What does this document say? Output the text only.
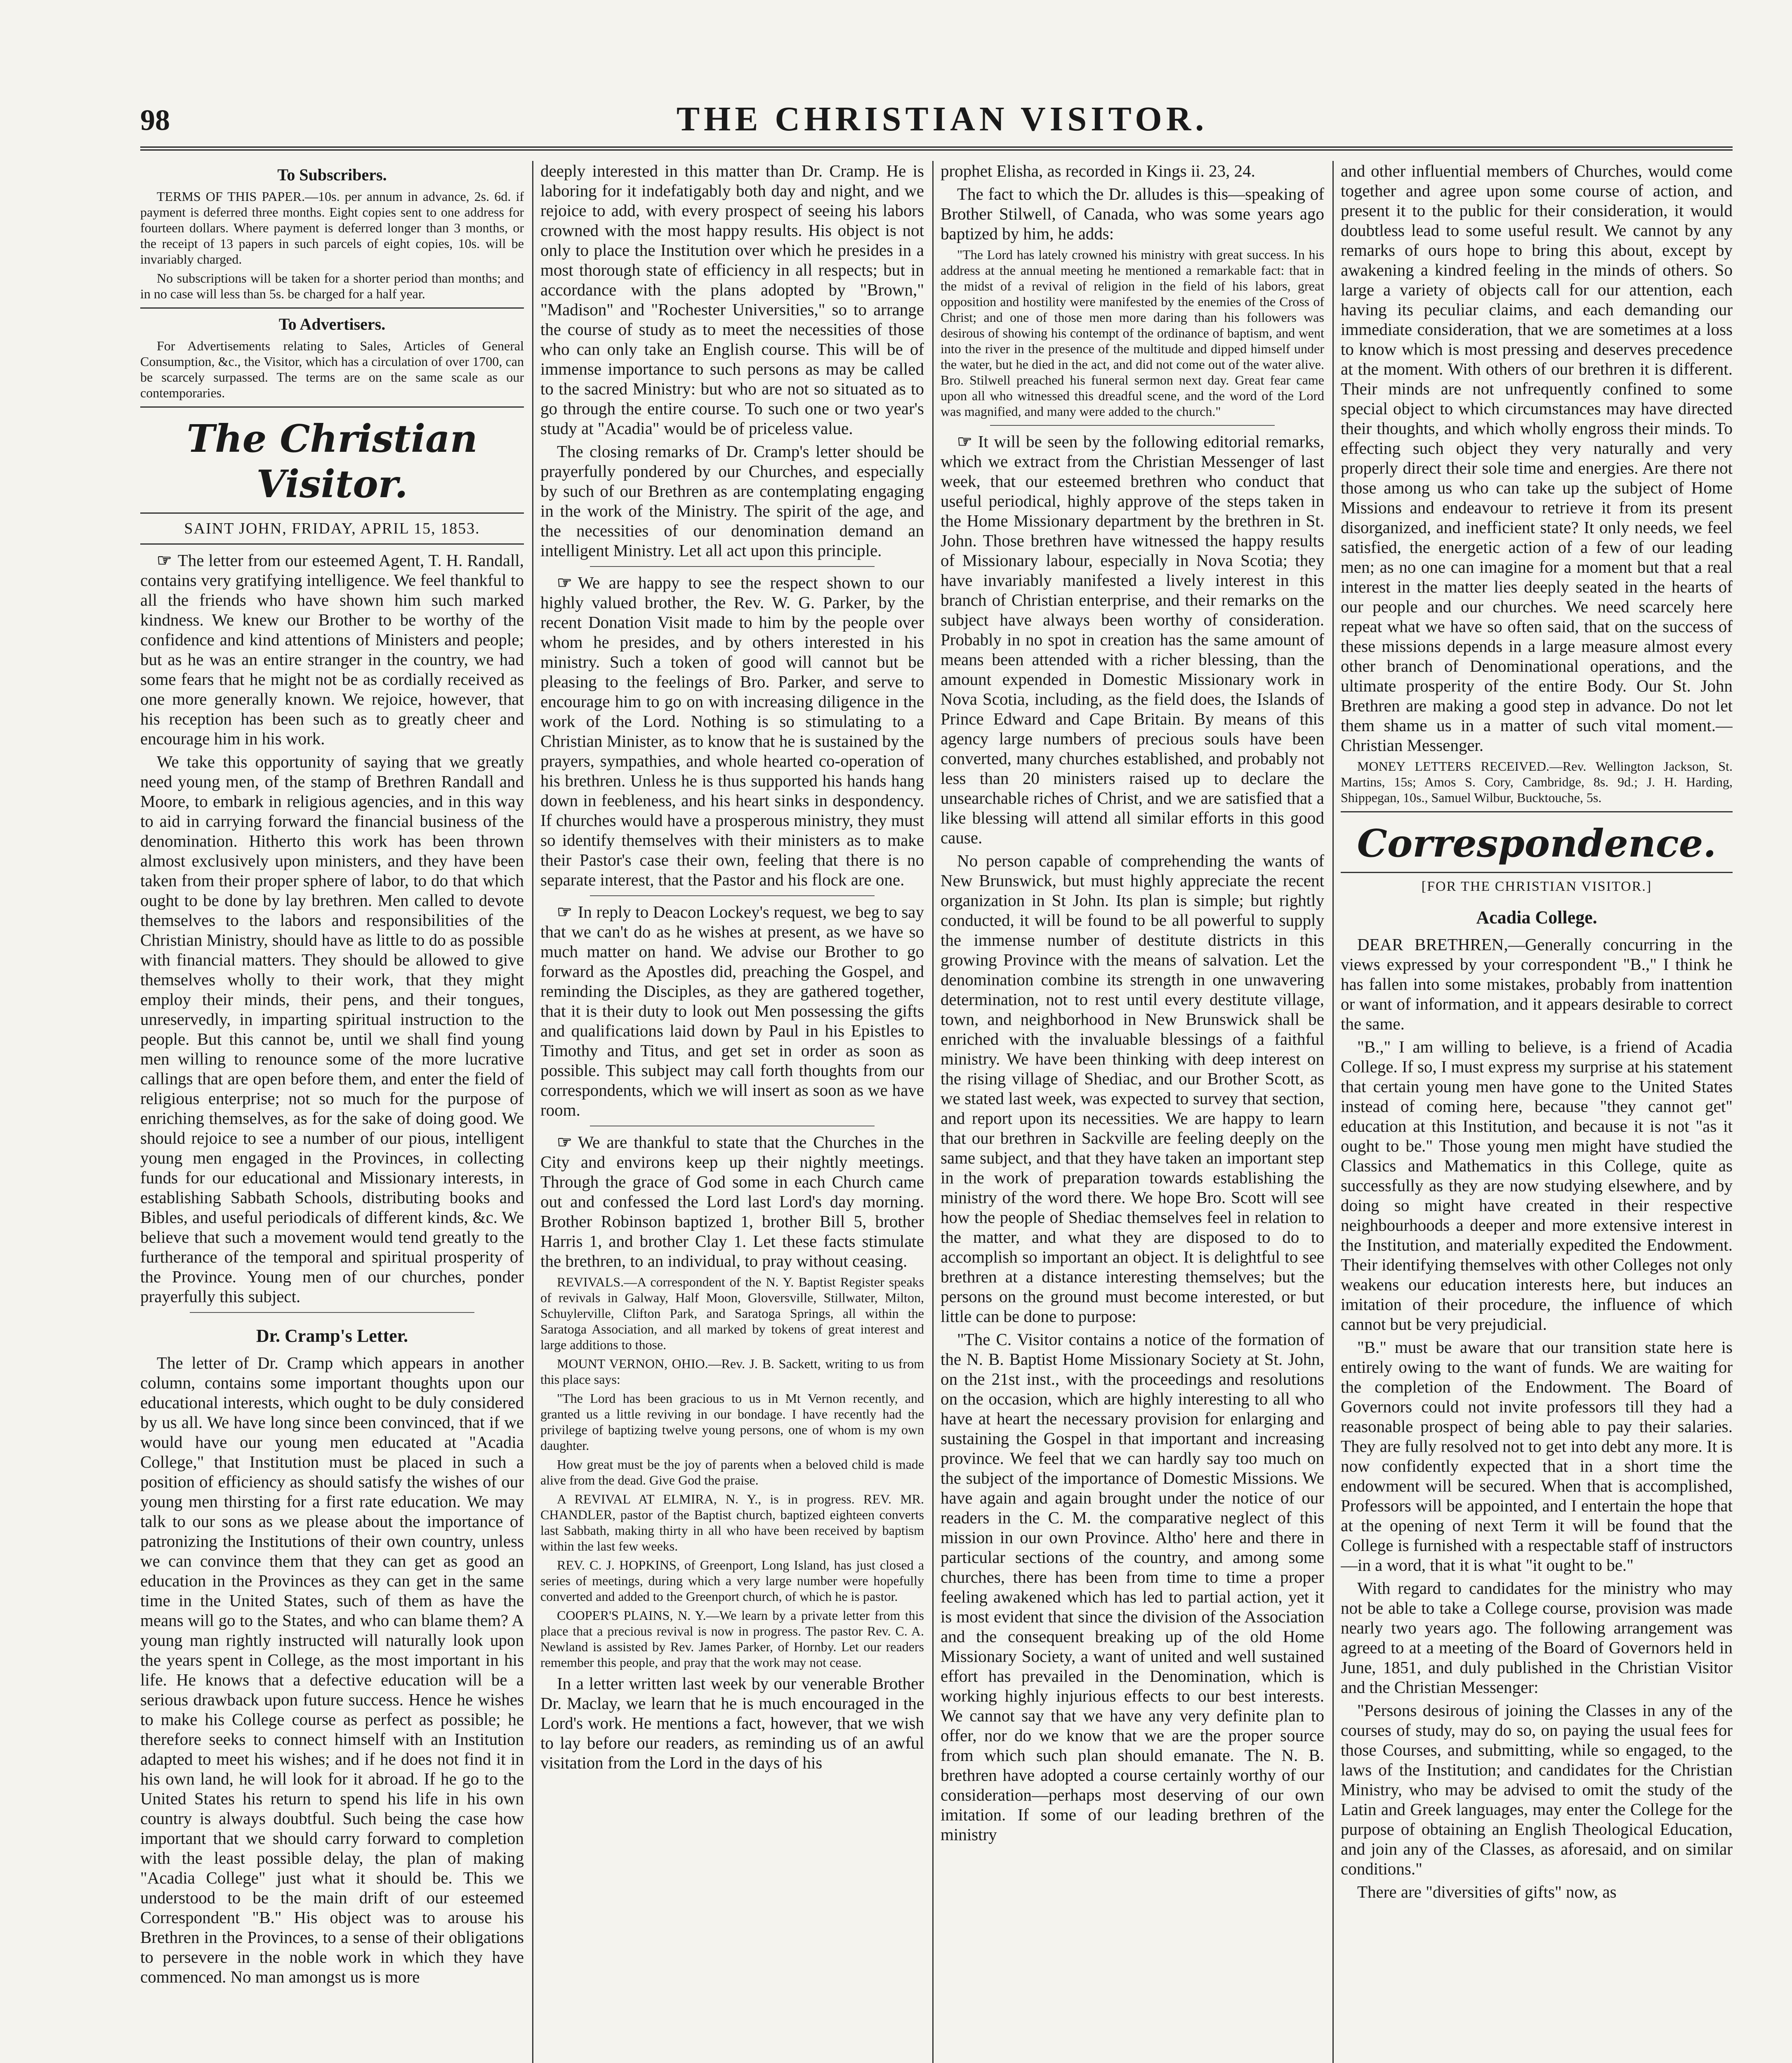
98	THE CHRISTIAN VISITOR.
To Subscribers.

TERMS OF THIS PAPER.—10s. per annum in advance, 2s. 6d. if payment is deferred three months. Eight copies sent to one address for fourteen dollars. Where payment is deferred longer than 3 months, or the receipt of 13 papers in such parcels of eight copies, 10s. will be invariably charged.

No subscriptions will be taken for a shorter period than months; and in no case will less than 5s. be charged for a half year.

To Advertisers.

For Advertisements relating to Sales, Articles of General Consumption, &c., the Visitor, which has a circulation of over 1700, can be scarcely surpassed. The terms are on the same scale as our contemporaries.

The Christian Visitor.
SAINT JOHN, FRIDAY, APRIL 15, 1853.

☞ The letter from our esteemed Agent, T. H. Randall, contains very gratifying intelligence. We feel thankful to all the friends who have shown him such marked kindness. We knew our Brother to be worthy of the confidence and kind attentions of Ministers and people; but as he was an entire stranger in the country, we had some fears that he might not be as cordially received as one more generally known. We rejoice, however, that his reception has been such as to greatly cheer and encourage him in his work.

We take this opportunity of saying that we greatly need young men, of the stamp of Brethren Randall and Moore, to embark in religious agencies, and in this way to aid in carrying forward the financial business of the denomination. Hitherto this work has been thrown almost exclusively upon ministers, and they have been taken from their proper sphere of labor, to do that which ought to be done by lay brethren. Men called to devote themselves to the labors and responsibilities of the Christian Ministry, should have as little to do as possible with financial matters. They should be allowed to give themselves wholly to their work, that they might employ their minds, their pens, and their tongues, unreservedly, in imparting spiritual instruction to the people. But this cannot be, until we shall find young men willing to renounce some of the more lucrative callings that are open before them, and enter the field of religious enterprise; not so much for the purpose of enriching themselves, as for the sake of doing good. We should rejoice to see a number of our pious, intelligent young men engaged in the Provinces, in collecting funds for our educational and Missionary interests, in establishing Sabbath Schools, distributing books and Bibles, and useful periodicals of different kinds, &c. We believe that such a movement would tend greatly to the furtherance of the temporal and spiritual prosperity of the Province. Young men of our churches, ponder prayerfully this subject.

Dr. Cramp's Letter.

The letter of Dr. Cramp which appears in another column, contains some important thoughts upon our educational interests, which ought to be duly considered by us all. We have long since been convinced, that if we would have our young men educated at "Acadia College," that Institution must be placed in such a position of efficiency as should satisfy the wishes of our young men thirsting for a first rate education. We may talk to our sons as we please about the importance of patronizing the Institutions of their own country, unless we can convince them that they can get as good an education in the Provinces as they can get in the same time in the United States, such of them as have the means will go to the States, and who can blame them? A young man rightly instructed will naturally look upon the years spent in College, as the most important in his life. He knows that a defective education will be a serious drawback upon future success. Hence he wishes to make his College course as perfect as possible; he therefore seeks to connect himself with an Institution adapted to meet his wishes; and if he does not find it in his own land, he will look for it abroad. If he go to the United States his return to spend his life in his own country is always doubtful. Such being the case how important that we should carry forward to completion with the least possible delay, the plan of making "Acadia College" just what it should be. This we understood to be the main drift of our esteemed Correspondent "B." His object was to arouse his Brethren in the Provinces, to a sense of their obligations to persevere in the noble work in which they have commenced. No man amongst us is more

deeply interested in this matter than Dr. Cramp. He is laboring for it indefatigably both day and night, and we rejoice to add, with every prospect of seeing his labors crowned with the most happy results. His object is not only to place the Institution over which he presides in a most thorough state of efficiency in all respects; but in accordance with the plans adopted by "Brown," "Madison" and "Rochester Universities," so to arrange the course of study as to meet the necessities of those who can only take an English course. This will be of immense importance to such persons as may be called to the sacred Ministry: but who are not so situated as to go through the entire course. To such one or two year's study at "Acadia" would be of priceless value.

The closing remarks of Dr. Cramp's letter should be prayerfully pondered by our Churches, and especially by such of our Brethren as are contemplating engaging in the work of the Ministry. The spirit of the age, and the necessities of our denomination demand an intelligent Ministry. Let all act upon this principle.

☞ We are happy to see the respect shown to our highly valued brother, the Rev. W. G. Parker, by the recent Donation Visit made to him by the people over whom he presides, and by others interested in his ministry. Such a token of good will cannot but be pleasing to the feelings of Bro. Parker, and serve to encourage him to go on with increasing diligence in the work of the Lord. Nothing is so stimulating to a Christian Minister, as to know that he is sustained by the prayers, sympathies, and whole hearted co-operation of his brethren. Unless he is thus supported his hands hang down in feebleness, and his heart sinks in despondency. If churches would have a prosperous ministry, they must so identify themselves with their ministers as to make their Pastor's case their own, feeling that there is no separate interest, that the Pastor and his flock are one.

☞ In reply to Deacon Lockey's request, we beg to say that we can't do as he wishes at present, as we have so much matter on hand. We advise our Brother to go forward as the Apostles did, preaching the Gospel, and reminding the Disciples, as they are gathered together, that it is their duty to look out Men possessing the gifts and qualifications laid down by Paul in his Epistles to Timothy and Titus, and get set in order as soon as possible. This subject may call forth thoughts from our correspondents, which we will insert as soon as we have room.

☞ We are thankful to state that the Churches in the City and environs keep up their nightly meetings. Through the grace of God some in each Church came out and confessed the Lord last Lord's day morning. Brother Robinson baptized 1, brother Bill 5, brother Harris 1, and brother Clay 1. Let these facts stimulate the brethren, to an individual, to pray without ceasing.

REVIVALS.—A correspondent of the N. Y. Baptist Register speaks of revivals in Galway, Half Moon, Gloversville, Stillwater, Milton, Schuylerville, Clifton Park, and Saratoga Springs, all within the Saratoga Association, and all marked by tokens of great interest and large additions to those.

MOUNT VERNON, OHIO.—Rev. J. B. Sackett, writing to us from this place says:

"The Lord has been gracious to us in Mt Vernon recently, and granted us a little reviving in our bondage. I have recently had the privilege of baptizing twelve young persons, one of whom is my own daughter.

How great must be the joy of parents when a beloved child is made alive from the dead. Give God the praise.

A REVIVAL AT ELMIRA, N. Y., is in progress. REV. MR. CHANDLER, pastor of the Baptist church, baptized eighteen converts last Sabbath, making thirty in all who have been received by baptism within the last few weeks.

REV. C. J. HOPKINS, of Greenport, Long Island, has just closed a series of meetings, during which a very large number were hopefully converted and added to the Greenport church, of which he is pastor.

COOPER'S PLAINS, N. Y.—We learn by a private letter from this place that a precious revival is now in progress. The pastor Rev. C. A. Newland is assisted by Rev. James Parker, of Hornby. Let our readers remember this people, and pray that the work may not cease.

In a letter written last week by our venerable Brother Dr. Maclay, we learn that he is much encouraged in the Lord's work. He mentions a fact, however, that we wish to lay before our readers, as reminding us of an awful visitation from the Lord in the days of his

prophet Elisha, as recorded in Kings ii. 23, 24.

The fact to which the Dr. alludes is this—speaking of Brother Stilwell, of Canada, who was some years ago baptized by him, he adds:

"The Lord has lately crowned his ministry with great success. In his address at the annual meeting he mentioned a remarkable fact: that in the midst of a revival of religion in the field of his labors, great opposition and hostility were manifested by the enemies of the Cross of Christ; and one of those men more daring than his followers was desirous of showing his contempt of the ordinance of baptism, and went into the river in the presence of the multitude and dipped himself under the water, but he died in the act, and did not come out of the water alive. Bro. Stilwell preached his funeral sermon next day. Great fear came upon all who witnessed this dreadful scene, and the word of the Lord was magnified, and many were added to the church."

☞ It will be seen by the following editorial remarks, which we extract from the Christian Messenger of last week, that our esteemed brethren who conduct that useful periodical, highly approve of the steps taken in the Home Missionary department by the brethren in St. John. Those brethren have witnessed the happy results of Missionary labour, especially in Nova Scotia; they have invariably manifested a lively interest in this branch of Christian enterprise, and their remarks on the subject have always been worthy of consideration. Probably in no spot in creation has the same amount of means been attended with a richer blessing, than the amount expended in Domestic Missionary work in Nova Scotia, including, as the field does, the Islands of Prince Edward and Cape Britain. By means of this agency large numbers of precious souls have been converted, many churches established, and probably not less than 20 ministers raised up to declare the unsearchable riches of Christ, and we are satisfied that a like blessing will attend all similar efforts in this good cause.

No person capable of comprehending the wants of New Brunswick, but must highly appreciate the recent organization in St John. Its plan is simple; but rightly conducted, it will be found to be all powerful to supply the immense number of destitute districts in this growing Province with the means of salvation. Let the denomination combine its strength in one unwavering determination, not to rest until every destitute village, town, and neighborhood in New Brunswick shall be enriched with the invaluable blessings of a faithful ministry. We have been thinking with deep interest on the rising village of Shediac, and our Brother Scott, as we stated last week, was expected to survey that section, and report upon its necessities. We are happy to learn that our brethren in Sackville are feeling deeply on the same subject, and that they have taken an important step in the work of preparation towards establishing the ministry of the word there. We hope Bro. Scott will see how the people of Shediac themselves feel in relation to the matter, and what they are disposed to do to accomplish so important an object. It is delightful to see brethren at a distance interesting themselves; but the persons on the ground must become interested, or but little can be done to purpose:

"The C. Visitor contains a notice of the formation of the N. B. Baptist Home Missionary Society at St. John, on the 21st inst., with the proceedings and resolutions on the occasion, which are highly interesting to all who have at heart the necessary provision for enlarging and sustaining the Gospel in that important and increasing province. We feel that we can hardly say too much on the subject of the importance of Domestic Missions. We have again and again brought under the notice of our readers in the C. M. the comparative neglect of this mission in our own Province. Altho' here and there in particular sections of the country, and among some churches, there has been from time to time a proper feeling awakened which has led to partial action, yet it is most evident that since the division of the Association and the consequent breaking up of the old Home Missionary Society, a want of united and well sustained effort has prevailed in the Denomination, which is working highly injurious effects to our best interests. We cannot say that we have any very definite plan to offer, nor do we know that we are the proper source from which such plan should emanate. The N. B. brethren have adopted a course certainly worthy of our consideration—perhaps most deserving of our own imitation. If some of our leading brethren of the ministry

and other influential members of Churches, would come together and agree upon some course of action, and present it to the public for their consideration, it would doubtless lead to some useful result. We cannot by any remarks of ours hope to bring this about, except by awakening a kindred feeling in the minds of others. So large a variety of objects call for our attention, each having its peculiar claims, and each demanding our immediate consideration, that we are sometimes at a loss to know which is most pressing and deserves precedence at the moment. With others of our brethren it is different. Their minds are not unfrequently confined to some special object to which circumstances may have directed their thoughts, and which wholly engross their minds. To effecting such object they very naturally and very properly direct their sole time and energies. Are there not those among us who can take up the subject of Home Missions and endeavour to retrieve it from its present disorganized, and inefficient state? It only needs, we feel satisfied, the energetic action of a few of our leading men; as no one can imagine for a moment but that a real interest in the matter lies deeply seated in the hearts of our people and our churches. We need scarcely here repeat what we have so often said, that on the success of these missions depends in a large measure almost every other branch of Denominational operations, and the ultimate prosperity of the entire Body. Our St. John Brethren are making a good step in advance. Do not let them shame us in a matter of such vital moment.—Christian Messenger.

MONEY LETTERS RECEIVED.—Rev. Wellington Jackson, St. Martins, 15s; Amos S. Cory, Cambridge, 8s. 9d.; J. H. Harding, Shippegan, 10s., Samuel Wilbur, Bucktouche, 5s.

Correspondence.
[FOR THE CHRISTIAN VISITOR.]
Acadia College.

DEAR BRETHREN,—Generally concurring in the views expressed by your correspondent "B.," I think he has fallen into some mistakes, probably from inattention or want of information, and it appears desirable to correct the same.

"B.," I am willing to believe, is a friend of Acadia College. If so, I must express my surprise at his statement that certain young men have gone to the United States instead of coming here, because "they cannot get" education at this Institution, and because it is not "as it ought to be." Those young men might have studied the Classics and Mathematics in this College, quite as successfully as they are now studying elsewhere, and by doing so might have created in their respective neighbourhoods a deeper and more extensive interest in the Institution, and materially expedited the Endowment. Their identifying themselves with other Colleges not only weakens our education interests here, but induces an imitation of their procedure, the influence of which cannot but be very prejudicial.

"B." must be aware that our transition state here is entirely owing to the want of funds. We are waiting for the completion of the Endowment. The Board of Governors could not invite professors till they had a reasonable prospect of being able to pay their salaries. They are fully resolved not to get into debt any more. It is now confidently expected that in a short time the endowment will be secured. When that is accomplished, Professors will be appointed, and I entertain the hope that at the opening of next Term it will be found that the College is furnished with a respectable staff of instructors—in a word, that it is what "it ought to be."

With regard to candidates for the ministry who may not be able to take a College course, provision was made nearly two years ago. The following arrangement was agreed to at a meeting of the Board of Governors held in June, 1851, and duly published in the Christian Visitor and the Christian Messenger:

"Persons desirous of joining the Classes in any of the courses of study, may do so, on paying the usual fees for those Courses, and submitting, while so engaged, to the laws of the Institution; and candidates for the Christian Ministry, who may be advised to omit the study of the Latin and Greek languages, may enter the College for the purpose of obtaining an English Theological Education, and join any of the Classes, as aforesaid, and on similar conditions."

There are "diversities of gifts" now, as
